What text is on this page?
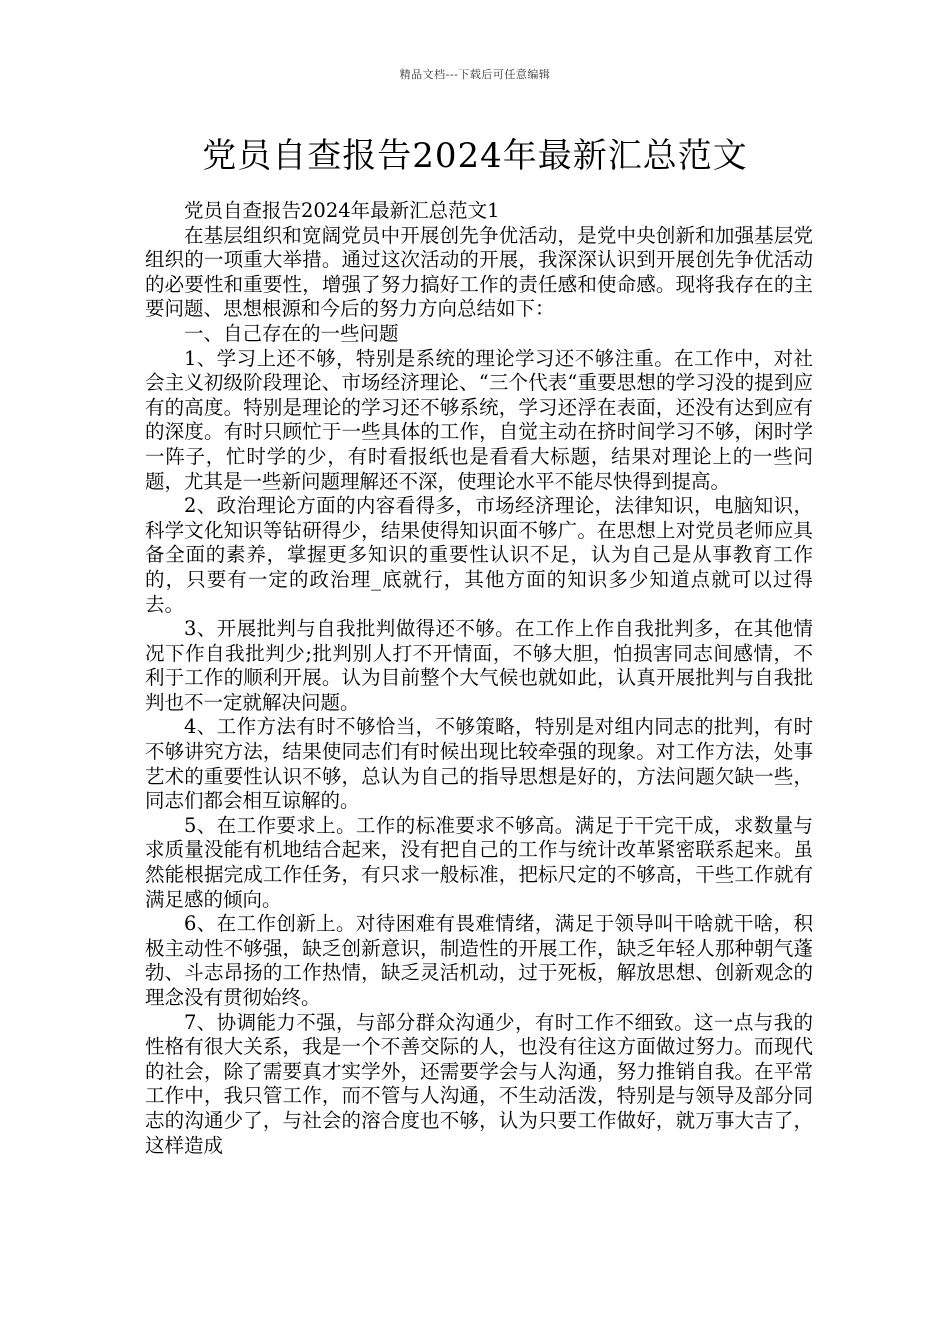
精品文档---下载后可任意编辑
党员自查报告2024年最新汇总范文

党员自查报告2024年最新汇总范文1

在基层组织和宽阔党员中开展创先争优活动，是党中央创新和加强基层党组织的一项重大举措。通过这次活动的开展，我深深认识到开展创先争优活动的必要性和重要性，增强了努力搞好工作的责任感和使命感。现将我存在的主要问题、思想根源和今后的努力方向总结如下：

一、自己存在的一些问题

1、学习上还不够，特别是系统的理论学习还不够注重。在工作中，对社会主义初级阶段理论、市场经济理论、“三个代表“重要思想的学习没的提到应有的高度。特别是理论的学习还不够系统，学习还浮在表面，还没有达到应有的深度。有时只顾忙于一些具体的工作，自觉主动在挤时间学习不够，闲时学一阵子，忙时学的少，有时看报纸也是看看大标题，结果对理论上的一些问题，尤其是一些新问题理解还不深，使理论水平不能尽快得到提高。

2、政治理论方面的内容看得多，市场经济理论，法律知识，电脑知识，科学文化知识等钻研得少，结果使得知识面不够广。在思想上对党员老师应具备全面的素养，掌握更多知识的重要性认识不足，认为自己是从事教育工作的，只要有一定的政治理_底就行，其他方面的知识多少知道点就可以过得去。

3、开展批判与自我批判做得还不够。在工作上作自我批判多，在其他情况下作自我批判少;批判别人打不开情面，不够大胆，怕损害同志间感情，不利于工作的顺利开展。认为目前整个大气候也就如此，认真开展批判与自我批判也不一定就解决问题。

4、工作方法有时不够恰当，不够策略，特别是对组内同志的批判，有时不够讲究方法，结果使同志们有时候出现比较牵强的现象。对工作方法，处事艺术的重要性认识不够，总认为自己的指导思想是好的，方法问题欠缺一些，同志们都会相互谅解的。

5、在工作要求上。工作的标准要求不够高。满足于干完干成，求数量与求质量没能有机地结合起来，没有把自己的工作与统计改革紧密联系起来。虽然能根据完成工作任务，有只求一般标准，把标尺定的不够高，干些工作就有满足感的倾向。

6、在工作创新上。对待困难有畏难情绪，满足于领导叫干啥就干啥，积极主动性不够强，缺乏创新意识，制造性的开展工作，缺乏年轻人那种朝气蓬勃、斗志昂扬的工作热情，缺乏灵活机动，过于死板，解放思想、创新观念的理念没有贯彻始终。

7、协调能力不强，与部分群众沟通少，有时工作不细致。这一点与我的性格有很大关系，我是一个不善交际的人，也没有往这方面做过努力。而现代的社会，除了需要真才实学外，还需要学会与人沟通，努力推销自我。在平常工作中，我只管工作，而不管与人沟通，不生动活泼，特别是与领导及部分同志的沟通少了，与社会的溶合度也不够，认为只要工作做好，就万事大吉了，这样造成
